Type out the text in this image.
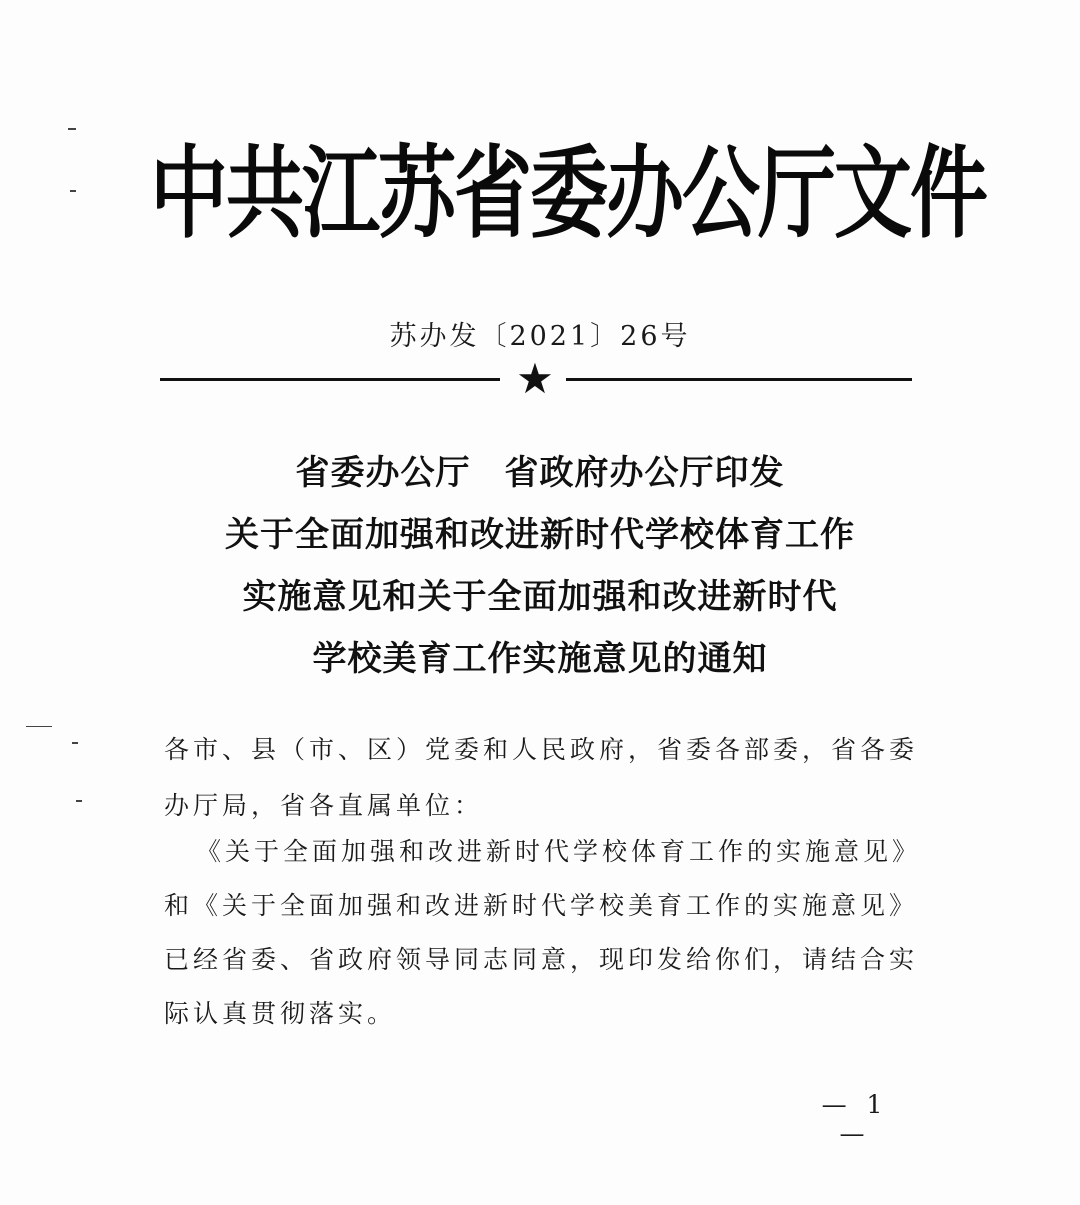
中共江苏省委办公厅文件
苏办发〔2021〕26号
★
省委办公厅 省政府办公厅印发
关于全面加强和改进新时代学校体育工作
实施意见和关于全面加强和改进新时代
学校美育工作实施意见的通知
各市、县（市、区）党委和人民政府，省委各部委，省各委
办厅局，省各直属单位：
《关于全面加强和改进新时代学校体育工作的实施意见》
和《关于全面加强和改进新时代学校美育工作的实施意见》
已经省委、省政府领导同志同意，现印发给你们，请结合实
际认真贯彻落实。
— 1 —
